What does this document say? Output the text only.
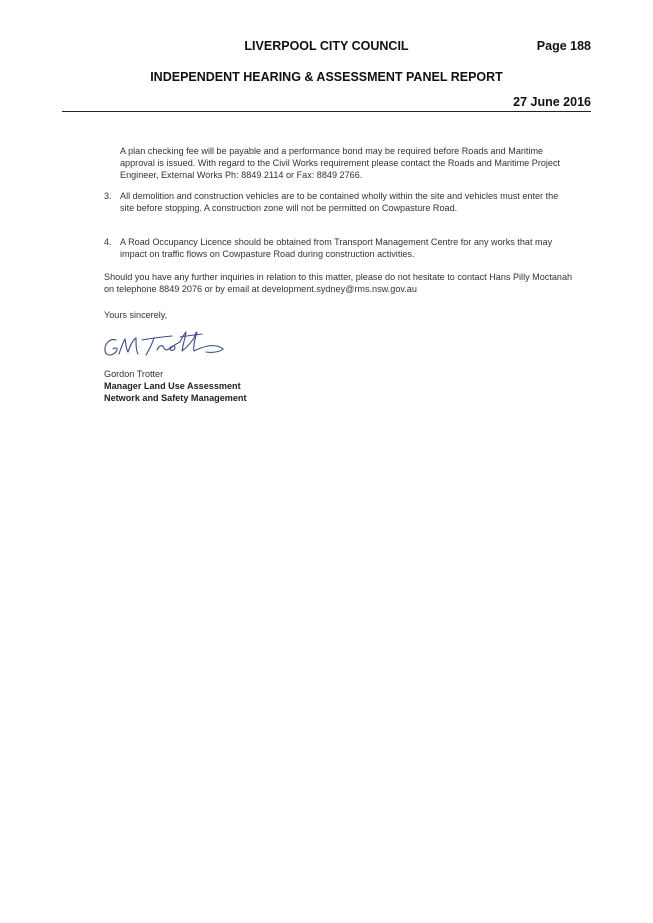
LIVERPOOL CITY COUNCIL	Page 188
INDEPENDENT HEARING & ASSESSMENT PANEL REPORT
27 June 2016
A plan checking fee will be payable and a performance bond may be required before Roads and Maritime approval is issued. With regard to the Civil Works requirement please contact the Roads and Maritime Project Engineer, External Works Ph: 8849 2114 or Fax: 8849 2766.
3. All demolition and construction vehicles are to be contained wholly within the site and vehicles must enter the site before stopping. A construction zone will not be permitted on Cowpasture Road.
4. A Road Occupancy Licence should be obtained from Transport Management Centre for any works that may impact on traffic flows on Cowpasture Road during construction activities.
Should you have any further inquiries in relation to this matter, please do not hesitate to contact Hans Pilly Moctanah on telephone 8849 2076 or by email at development.sydney@rms.nsw.gov.au
Yours sincerely,
Gordon Trotter
Manager Land Use Assessment
Network and Safety Management
